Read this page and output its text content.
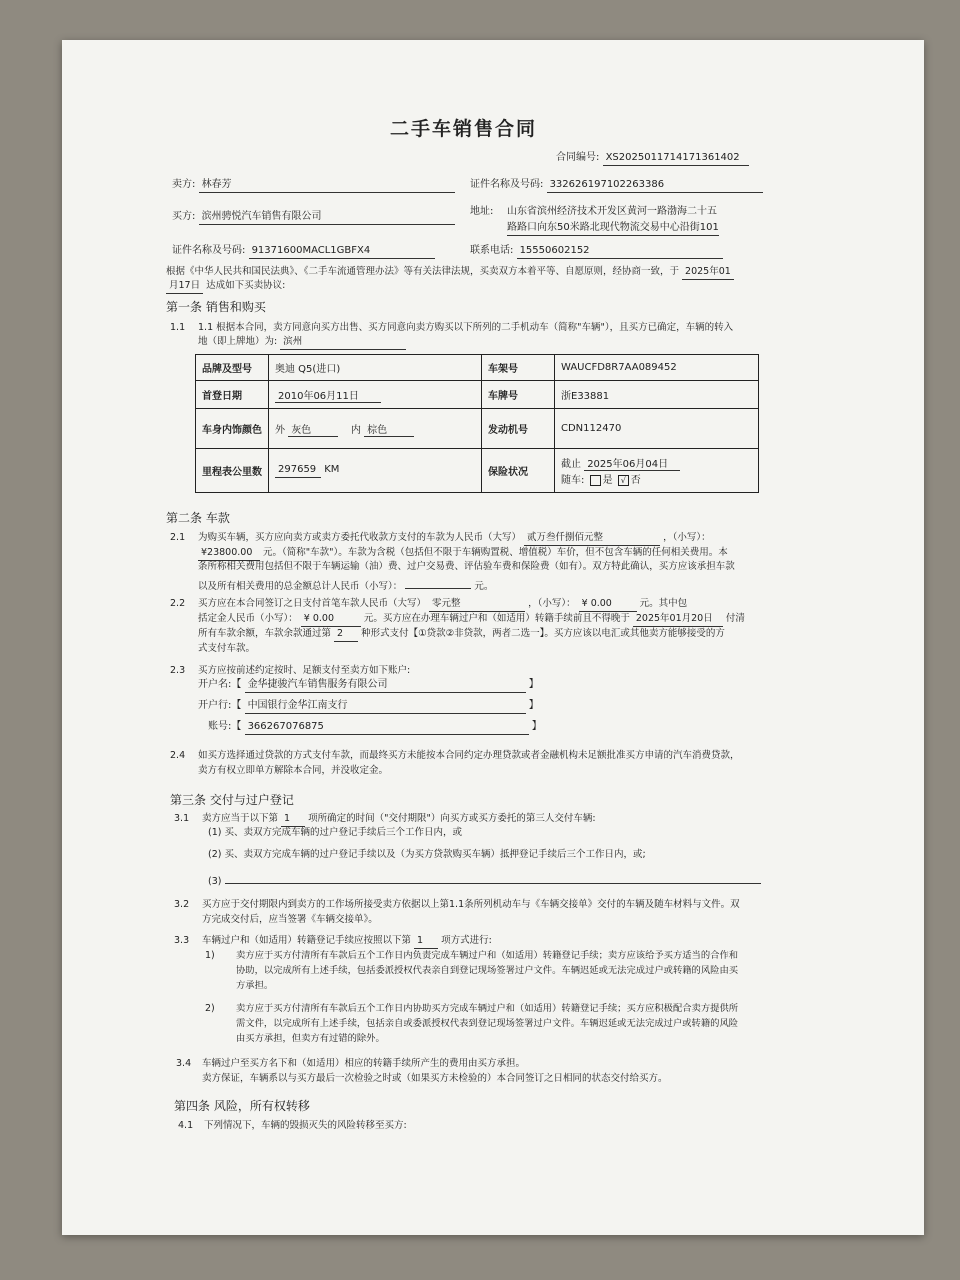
二手车销售合同
合同编号: XS20250117141713614​02
卖方: 林春芳	证件名称及号码: 332626197102263386
买方: 滨州骋悦汽车销售有限公司	地址: 山东省滨州经济技术开发区黄河一路渤海二十五
路路口向东50米路北现代物流交易中心沿街101
证件名称及号码: 91371600MACL1GBFX4	联系电话: 15550602152
根据《中华人民共和国民法典》、《二手车流通管理办法》等有关法律法规，买卖双方本着平等、自愿原则，经协商一致，于 2025年01
月17日 达成如下买卖协议:
第一条 销售和购买
1.1 1.1 根据本合同，卖方同意向买方出售、买方同意向卖方购买以下所列的二手机动车（简称"车辆"），且买方已确定，车辆的转入
地（即上牌地）为: 滨州
品牌及型号	奥迪 Q5(进口)	车架号	WAUCFD8R7AA089452
首登日期	2010年06月11日	车牌号	浙E33881
车身内饰颜色	外 灰色 内 棕色	发动机号	CDN112470
里程表公里数	297659 KM	保险状况	截止 2025年06月04日
随车: 是 √ 否
第二条 车款
2.1 为购买车辆，买方应向卖方或卖方委托代收款方支付的车款为人民币（大写） 贰万叁仟捌佰元整	，（小写）：
¥23800.00 元。（简称"车款"）。车款为含税（包括但不限于车辆购置税、增值税）车价，但不包含车辆的任何相关费用。本
条所称相关费用包括但不限于车辆运输（油）费、过户交易费、评估验车费和保险费（如有）。双方特此确认，买方应该承担车款
以及所有相关费用的总金额总计人民币（小写）：	元。
2.2 买方应在本合同签订之日支付首笔车款人民币（大写） 零元整	，（小写）： ¥ 0.00	元。其中包
括定金人民币（小写）： ¥ 0.00	元。买方应在办理车辆过户和（如适用）转籍手续前且不得晚于 2025年01月20日 付清
所有车款余额，车款余款通过第 2 种形式支付【①贷款②非贷款，两者二选一】。买方应该以电汇或其他卖方能够接受的方
式支付车款。
2.3 买方应按前述约定按时、足额支付至卖方如下账户:
开户名:【 金华捷骏汽车销售服务有限公司	】
开户行:【 中国银行金华江南支行	】
账号:【 366267076875	】
2.4 如买方选择通过贷款的方式支付车款，而最终买方未能按本合同约定办理贷款或者金融机构未足额批准买方申请的汽车消费贷款，
卖方有权立即单方解除本合同，并没收定金。
第三条 交付与过户登记
3.1 卖方应当于以下第 1 项所确定的时间（"交付期限"）向买方或买方委托的第三人交付车辆:
(1) 买、卖双方完成车辆的过户登记手续后三个工作日内，或
(2) 买、卖双方完成车辆的过户登记手续以及（为买方贷款购买车辆）抵押登记手续后三个工作日内，或;
(3)
3.2 买方应于交付期限内到卖方的工作场所接受卖方依据以上第1.1条所列机动车与《车辆交接单》交付的车辆及随车材料与文件。双
方完成交付后，应当签署《车辆交接单》。
3.3 车辆过户和（如适用）转籍登记手续应按照以下第 1 项方式进行:
1) 卖方应于买方付清所有车款后五个工作日内负责完成车辆过户和（如适用）转籍登记手续；卖方应该给予买方适当的合作和
协助，以完成所有上述手续，包括委派授权代表亲自到登记现场签署过户文件。车辆迟延或无法完成过户或转籍的风险由买
方承担。
2) 卖方应于买方付清所有车款后五个工作日内协助买方完成车辆过户和（如适用）转籍登记手续；买方应积极配合卖方提供所
需文件，以完成所有上述手续，包括亲自或委派授权代表到登记现场签署过户文件。车辆迟延或无法完成过户或转籍的风险
由买方承担，但卖方有过错的除外。
3.4 车辆过户至买方名下和（如适用）相应的转籍手续所产生的费用由买方承担。
卖方保证，车辆系以与买方最后一次检验之时或（如果买方未检验的）本合同签订之日相同的状态交付给买方。
第四条 风险，所有权转移
4.1 下列情况下，车辆的毁损灭失的风险转移至买方:
